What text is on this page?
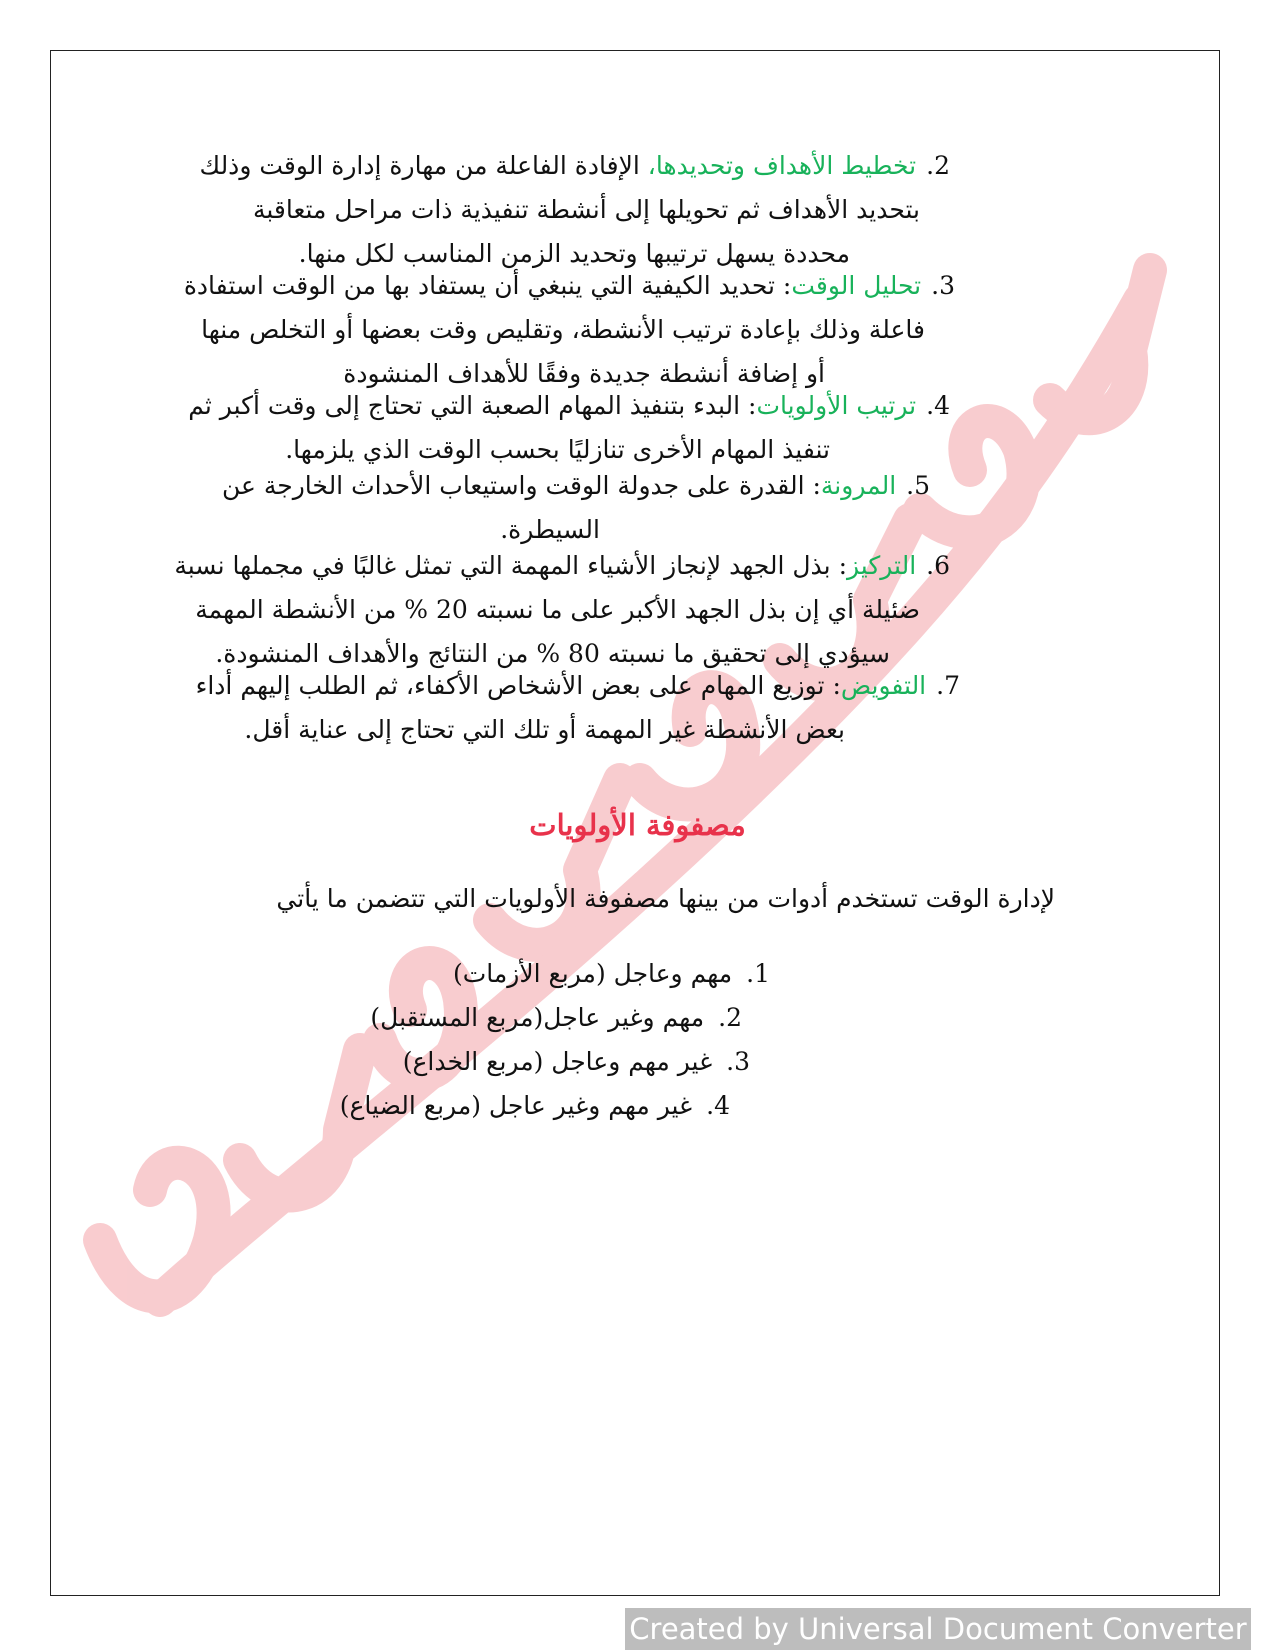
2.تخطيط الأهداف وتحديدها، الإفادة الفاعلة من مهارة إدارة الوقت وذلك
بتحديد الأهداف ثم تحويلها إلى أنشطة تنفيذية ذات مراحل متعاقبة
محددة يسهل ترتيبها وتحديد الزمن المناسب لكل منها.
3.تحليل الوقت: تحديد الكيفية التي ينبغي أن يستفاد بها من الوقت استفادة
فاعلة وذلك بإعادة ترتيب الأنشطة، وتقليص وقت بعضها أو التخلص منها
أو إضافة أنشطة جديدة وفقًا للأهداف المنشودة
4.ترتيب الأولويات: البدء بتنفيذ المهام الصعبة التي تحتاج إلى وقت أكبر ثم
تنفيذ المهام الأخرى تنازليًا بحسب الوقت الذي يلزمها.
5.المرونة: القدرة على جدولة الوقت واستيعاب الأحداث الخارجة عن
السيطرة.
6.التركيز: بذل الجهد لإنجاز الأشياء المهمة التي تمثل غالبًا في مجملها نسبة
ضئيلة أي إن بذل الجهد الأكبر على ما نسبته 20 % من الأنشطة المهمة
سيؤدي إلى تحقيق ما نسبته 80 % من النتائج والأهداف المنشودة.
7.التفويض: توزيع المهام على بعض الأشخاص الأكفاء، ثم الطلب إليهم أداء
بعض الأنشطة غير المهمة أو تلك التي تحتاج إلى عناية أقل.
مصفوفة الأولويات
لإدارة الوقت تستخدم أدوات من بينها مصفوفة الأولويات التي تتضمن ما يأتي
1.مهم وعاجل (مربع الأزمات)
2.مهم وغير عاجل(مربع المستقبل)
3.غير مهم وعاجل (مربع الخداع)
4.غير مهم وغير عاجل (مربع الضياع)
Created by Universal Document Converter
